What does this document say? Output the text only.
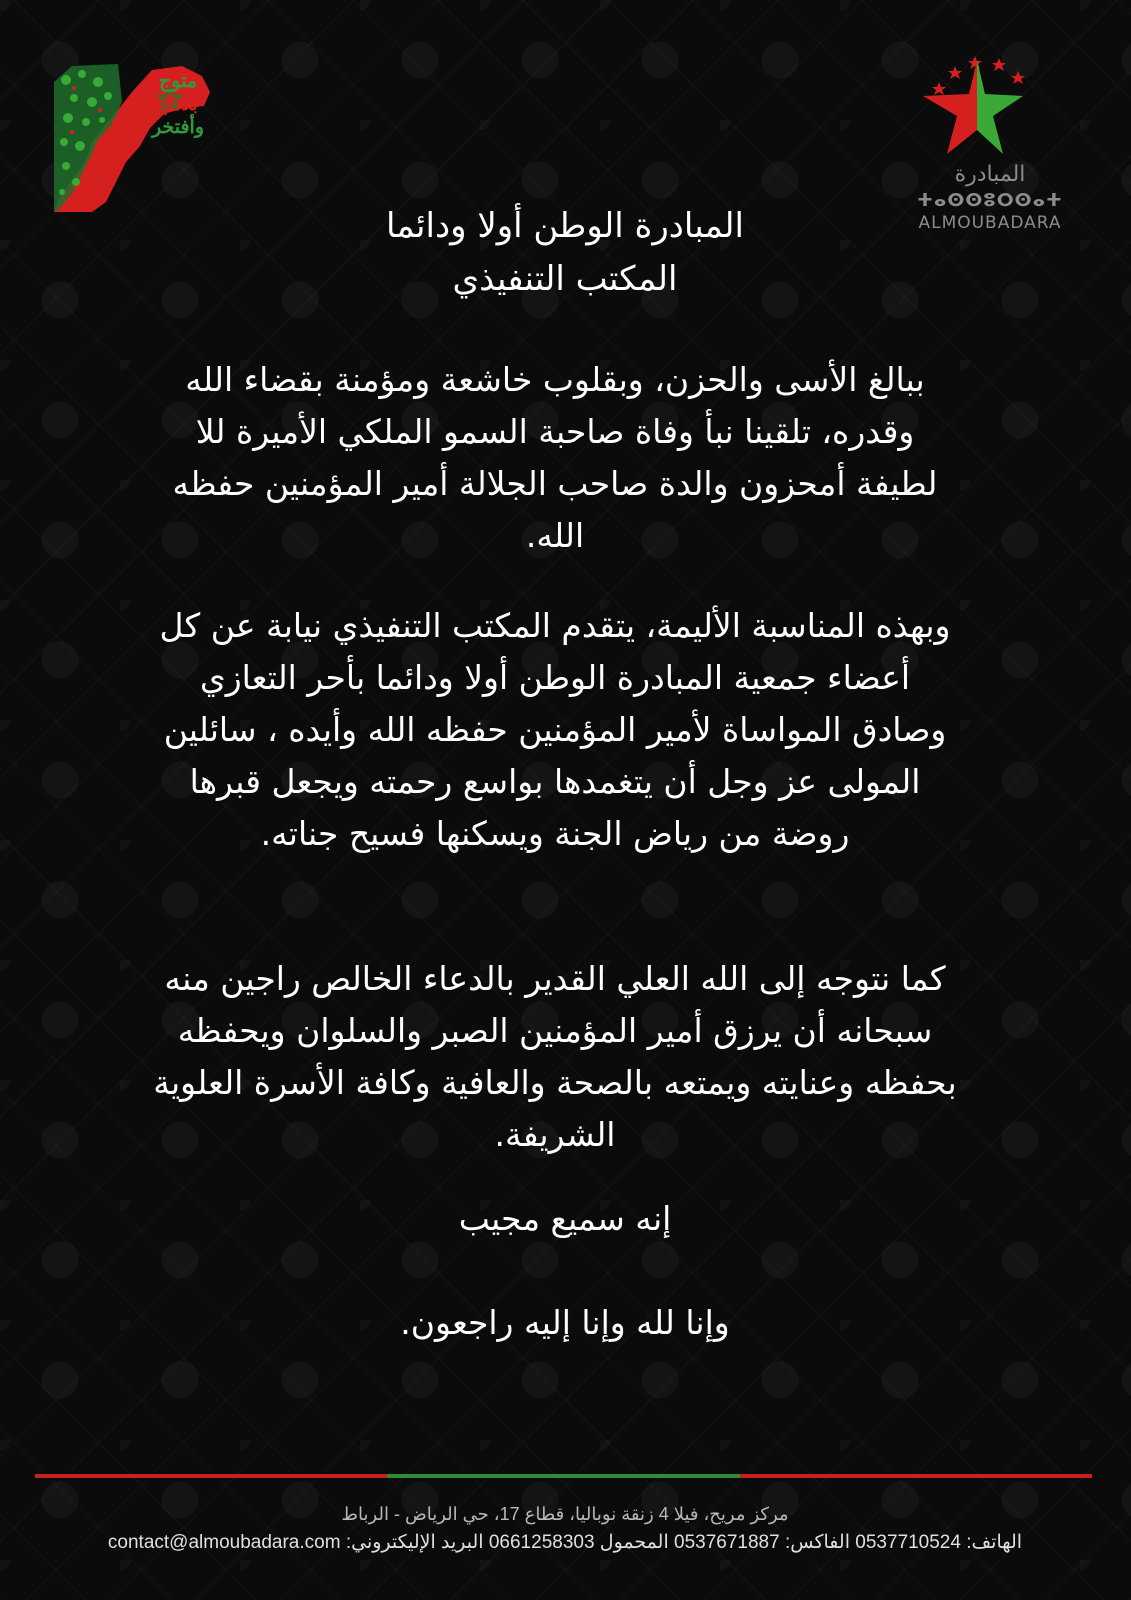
متوج
بلادي
وأفتخر
المبادرة
ⵜⴰⵙⵙⵓⵔⵙⴰⵜ
ALMOUBADARA
المبادرة الوطن أولا ودائما
المكتب التنفيذي
ببالغ الأسى والحزن، وبقلوب خاشعة ومؤمنة بقضاء الله وقدره، تلقينا نبأ وفاة صاحبة السمو الملكي الأميرة للا لطيفة أمحزون والدة صاحب الجلالة أمير المؤمنين حفظه الله.
وبهذه المناسبة الأليمة، يتقدم المكتب التنفيذي نيابة عن كل أعضاء جمعية المبادرة الوطن أولا ودائما بأحر التعازي وصادق المواساة لأمير المؤمنين حفظه الله وأيده ، سائلين المولى عز وجل أن يتغمدها بواسع رحمته ويجعل قبرها روضة من رياض الجنة ويسكنها فسيح جناته.
كما نتوجه إلى الله العلي القدير بالدعاء الخالص راجين منه سبحانه أن يرزق أمير المؤمنين الصبر والسلوان ويحفظه بحفظه وعنايته ويمتعه بالصحة والعافية وكافة الأسرة العلوية الشريفة.
إنه سميع مجيب
وإنا لله وإنا إليه راجعون.
مركز مريح، فيلا 4 زنقة نوباليا، قطاع 17، حي الرياض - الرباط
الهاتف: 0537710524 الفاكس: 0537671887 المحمول 0661258303 البريد الإليكتروني: contact@almoubadara.com
